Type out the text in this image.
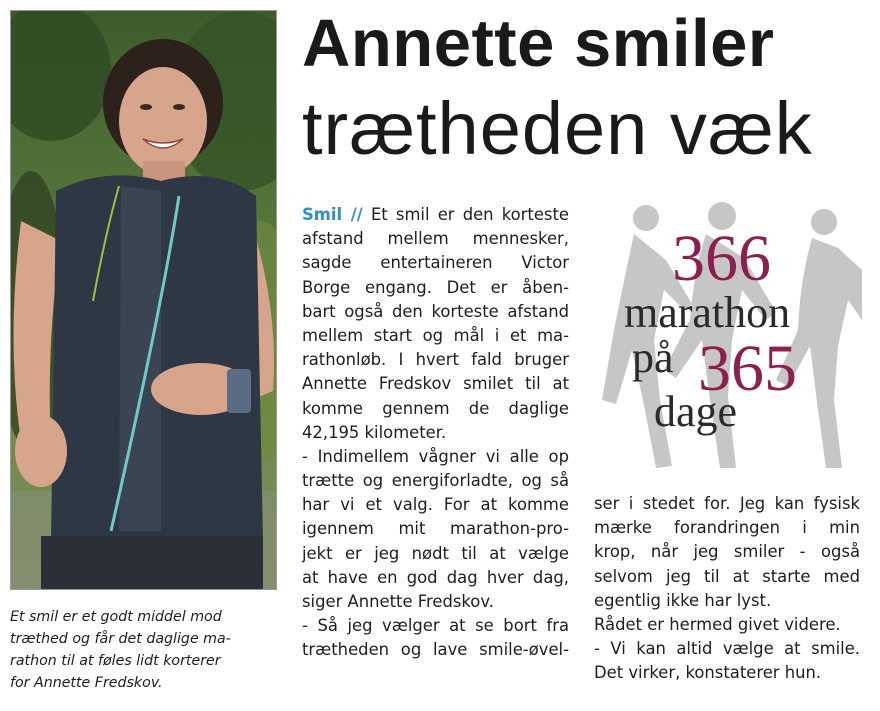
Et smil er et godt middel mod
træthed og får det daglige ma-
rathon til at føles lidt korterer
for Annette Fredskov.
Annette smiler
trætheden væk
Smil // Et smil er den korteste
afstand mellem mennesker,
sagde entertaineren Victor
Borge engang. Det er åben-
bart også den korteste afstand
mellem start og mål i et ma-
rathonløb. I hvert fald bruger
Annette Fredskov smilet til at
komme gennem de daglige
42,195 kilometer.
- Indimellem vågner vi alle op
trætte og energiforladte, og så
har vi et valg. For at komme
igennem mit marathon-pro-
jekt er jeg nødt til at vælge
at have en god dag hver dag,
siger Annette Fredskov.
- Så jeg vælger at se bort fra
trætheden og lave smile-øvel-
366
marathon
på 365
dage
ser i stedet for. Jeg kan fysisk
mærke forandringen i min
krop, når jeg smiler - også
selvom jeg til at starte med
egentlig ikke har lyst.
Rådet er hermed givet videre.
- Vi kan altid vælge at smile.
Det virker, konstaterer hun.
